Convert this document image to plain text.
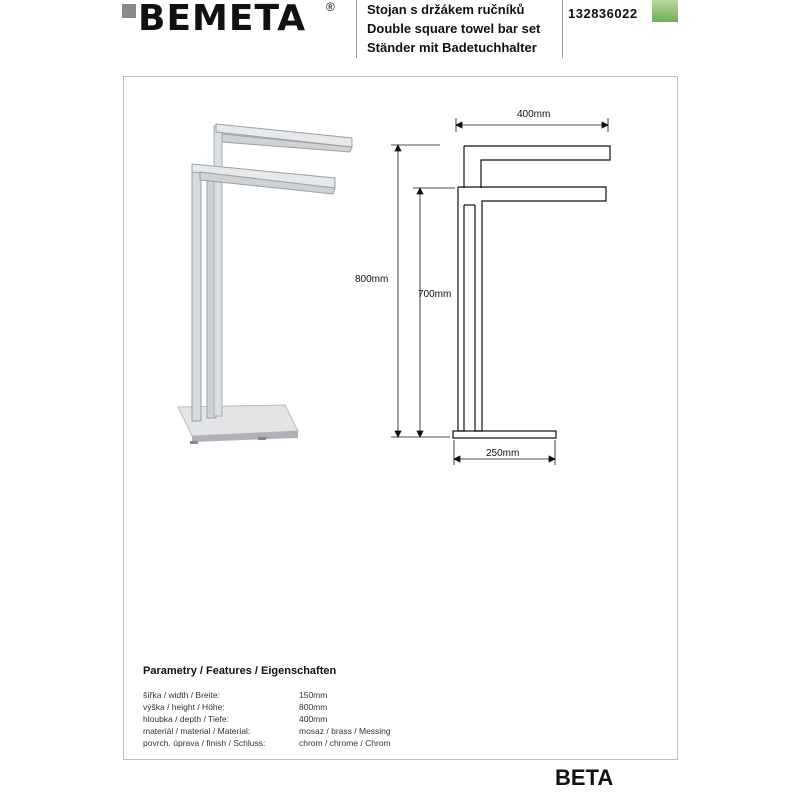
BEMETA ® Stojan s držákem ručníků
Double square towel bar set
Ständer mit Badetuchhalter
132836022
400mm
800mm
700mm
250mm
Parametry / Features / Eigenschaften
šířka / width / Breite:	150mm
výška / height / Höhe:	800mm
hloubka / depth / Tiefe:	400mm
materiál / material / Material:	mosaz / brass / Messing
povrch. úprava / finish / Schluss:	chrom / chrome / Chrom
BETA
